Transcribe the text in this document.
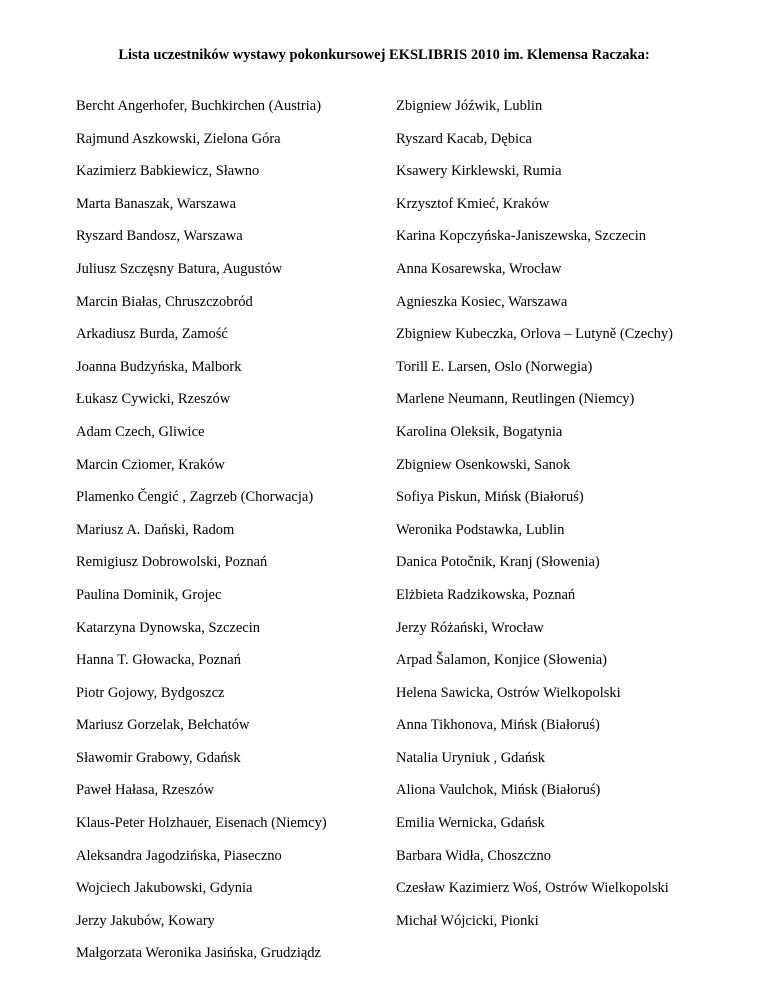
Lista uczestników wystawy pokonkursowej EKSLIBRIS 2010 im. Klemensa Raczaka:
Bercht Angerhofer, Buchkirchen (Austria)
Rajmund Aszkowski, Zielona Góra
Kazimierz Babkiewicz, Sławno
Marta Banaszak, Warszawa
Ryszard Bandosz, Warszawa
Juliusz Szczęsny Batura, Augustów
Marcin Białas, Chruszczobród
Arkadiusz Burda, Zamość
Joanna Budzyńska, Malbork
Łukasz Cywicki, Rzeszów
Adam Czech, Gliwice
Marcin Cziomer, Kraków
Plamenko Čengić , Zagrzeb (Chorwacja)
Mariusz A. Dański, Radom
Remigiusz Dobrowolski, Poznań
Paulina Dominik, Grojec
Katarzyna Dynowska, Szczecin
Hanna T. Głowacka, Poznań
Piotr Gojowy, Bydgoszcz
Mariusz Gorzelak, Bełchatów
Sławomir Grabowy, Gdańsk
Paweł Hałasa, Rzeszów
Klaus-Peter Holzhauer, Eisenach (Niemcy)
Aleksandra Jagodzińska, Piaseczno
Wojciech Jakubowski, Gdynia
Jerzy Jakubów, Kowary
Małgorzata Weronika Jasińska, Grudziądz
Zbigniew Jóźwik, Lublin
Ryszard Kacab, Dębica
Ksawery Kirklewski, Rumia
Krzysztof Kmieć, Kraków
Karina Kopczyńska-Janiszewska, Szczecin
Anna Kosarewska, Wrocław
Agnieszka Kosiec, Warszawa
Zbigniew Kubeczka, Orlova – Lutyně (Czechy)
Torill E. Larsen, Oslo (Norwegia)
Marlene Neumann, Reutlingen (Niemcy)
Karolina Oleksik, Bogatynia
Zbigniew Osenkowski, Sanok
Sofiya Piskun, Mińsk (Białoruś)
Weronika Podstawka, Lublin
Danica Potočnik, Kranj (Słowenia)
Elżbieta Radzikowska, Poznań
Jerzy Różański, Wrocław
Arpad Šalamon, Konjice (Słowenia)
Helena Sawicka, Ostrów Wielkopolski
Anna Tikhonova, Mińsk (Białoruś)
Natalia Uryniuk , Gdańsk
Aliona Vaulchok, Mińsk (Białoruś)
Emilia Wernicka, Gdańsk
Barbara Widła, Choszczno
Czesław Kazimierz Woś, Ostrów Wielkopolski
Michał Wójcicki, Pionki
